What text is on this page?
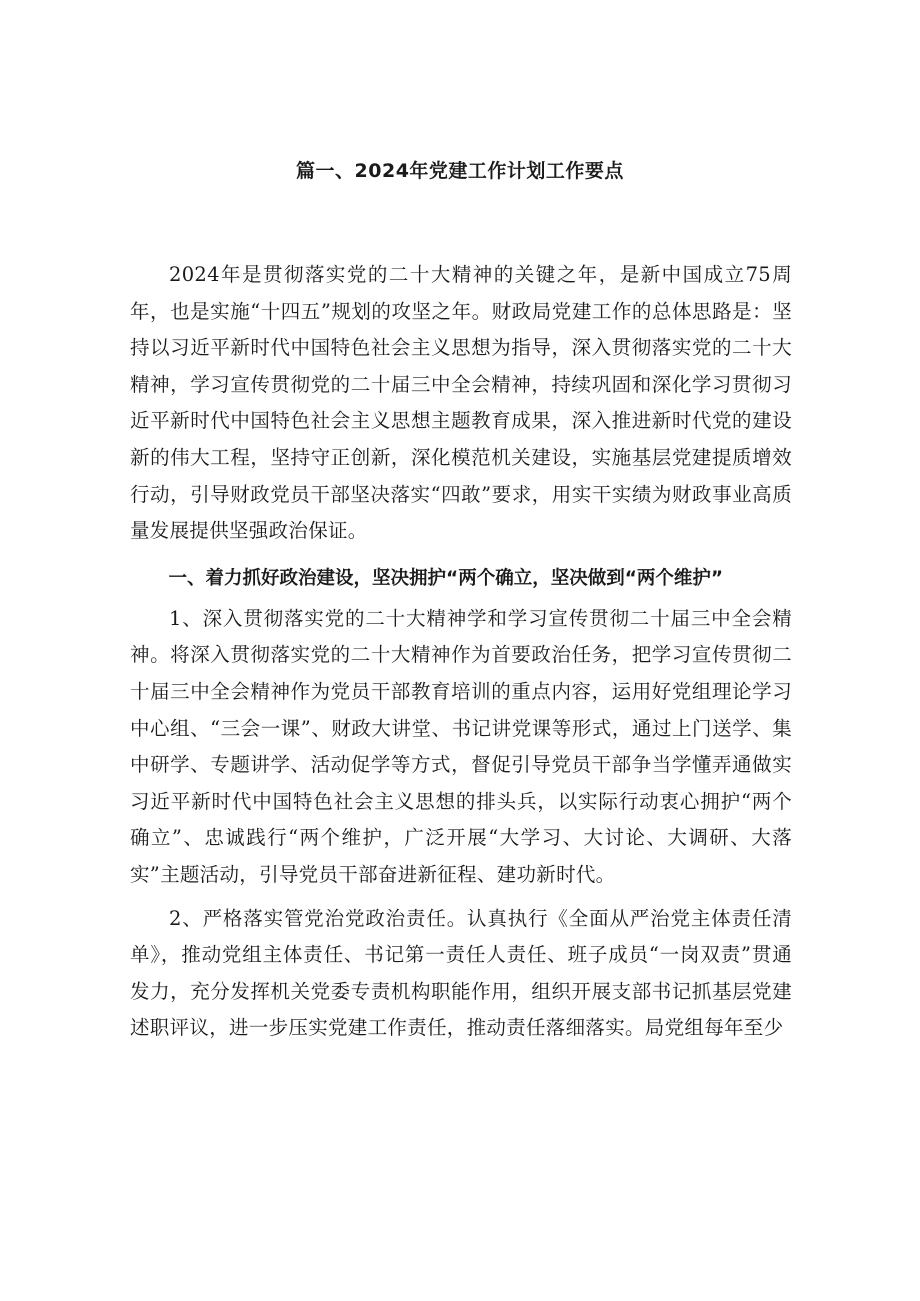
篇一、2024年党建工作计划工作要点

2024年是贯彻落实党的二十大精神的关键之年，是新中国成立75周年，也是实施“十四五”规划的攻坚之年。财政局党建工作的总体思路是：坚持以习近平新时代中国特色社会主义思想为指导，深入贯彻落实党的二十大精神，学习宣传贯彻党的二十届三中全会精神，持续巩固和深化学习贯彻习近平新时代中国特色社会主义思想主题教育成果，深入推进新时代党的建设新的伟大工程，坚持守正创新，深化模范机关建设，实施基层党建提质增效行动，引导财政党员干部坚决落实“四敢”要求，用实干实绩为财政事业高质量发展提供坚强政治保证。

一、着力抓好政治建设，坚决拥护“两个确立，坚决做到“两个维护”

1、深入贯彻落实党的二十大精神学和学习宣传贯彻二十届三中全会精神。将深入贯彻落实党的二十大精神作为首要政治任务，把学习宣传贯彻二十届三中全会精神作为党员干部教育培训的重点内容，运用好党组理论学习中心组、“三会一课”、财政大讲堂、书记讲党课等形式，通过上门送学、集中研学、专题讲学、活动促学等方式，督促引导党员干部争当学懂弄通做实习近平新时代中国特色社会主义思想的排头兵，以实际行动衷心拥护“两个确立”、忠诚践行“两个维护，广泛开展“大学习、大讨论、大调研、大落实”主题活动，引导党员干部奋进新征程、建功新时代。

2、严格落实管党治党政治责任。认真执行《全面从严治党主体责任清单》，推动党组主体责任、书记第一责任人责任、班子成员“一岗双责”贯通发力，充分发挥机关党委专责机构职能作用，组织开展支部书记抓基层党建述职评议，进一步压实党建工作责任，推动责任落细落实。局党组每年至少
